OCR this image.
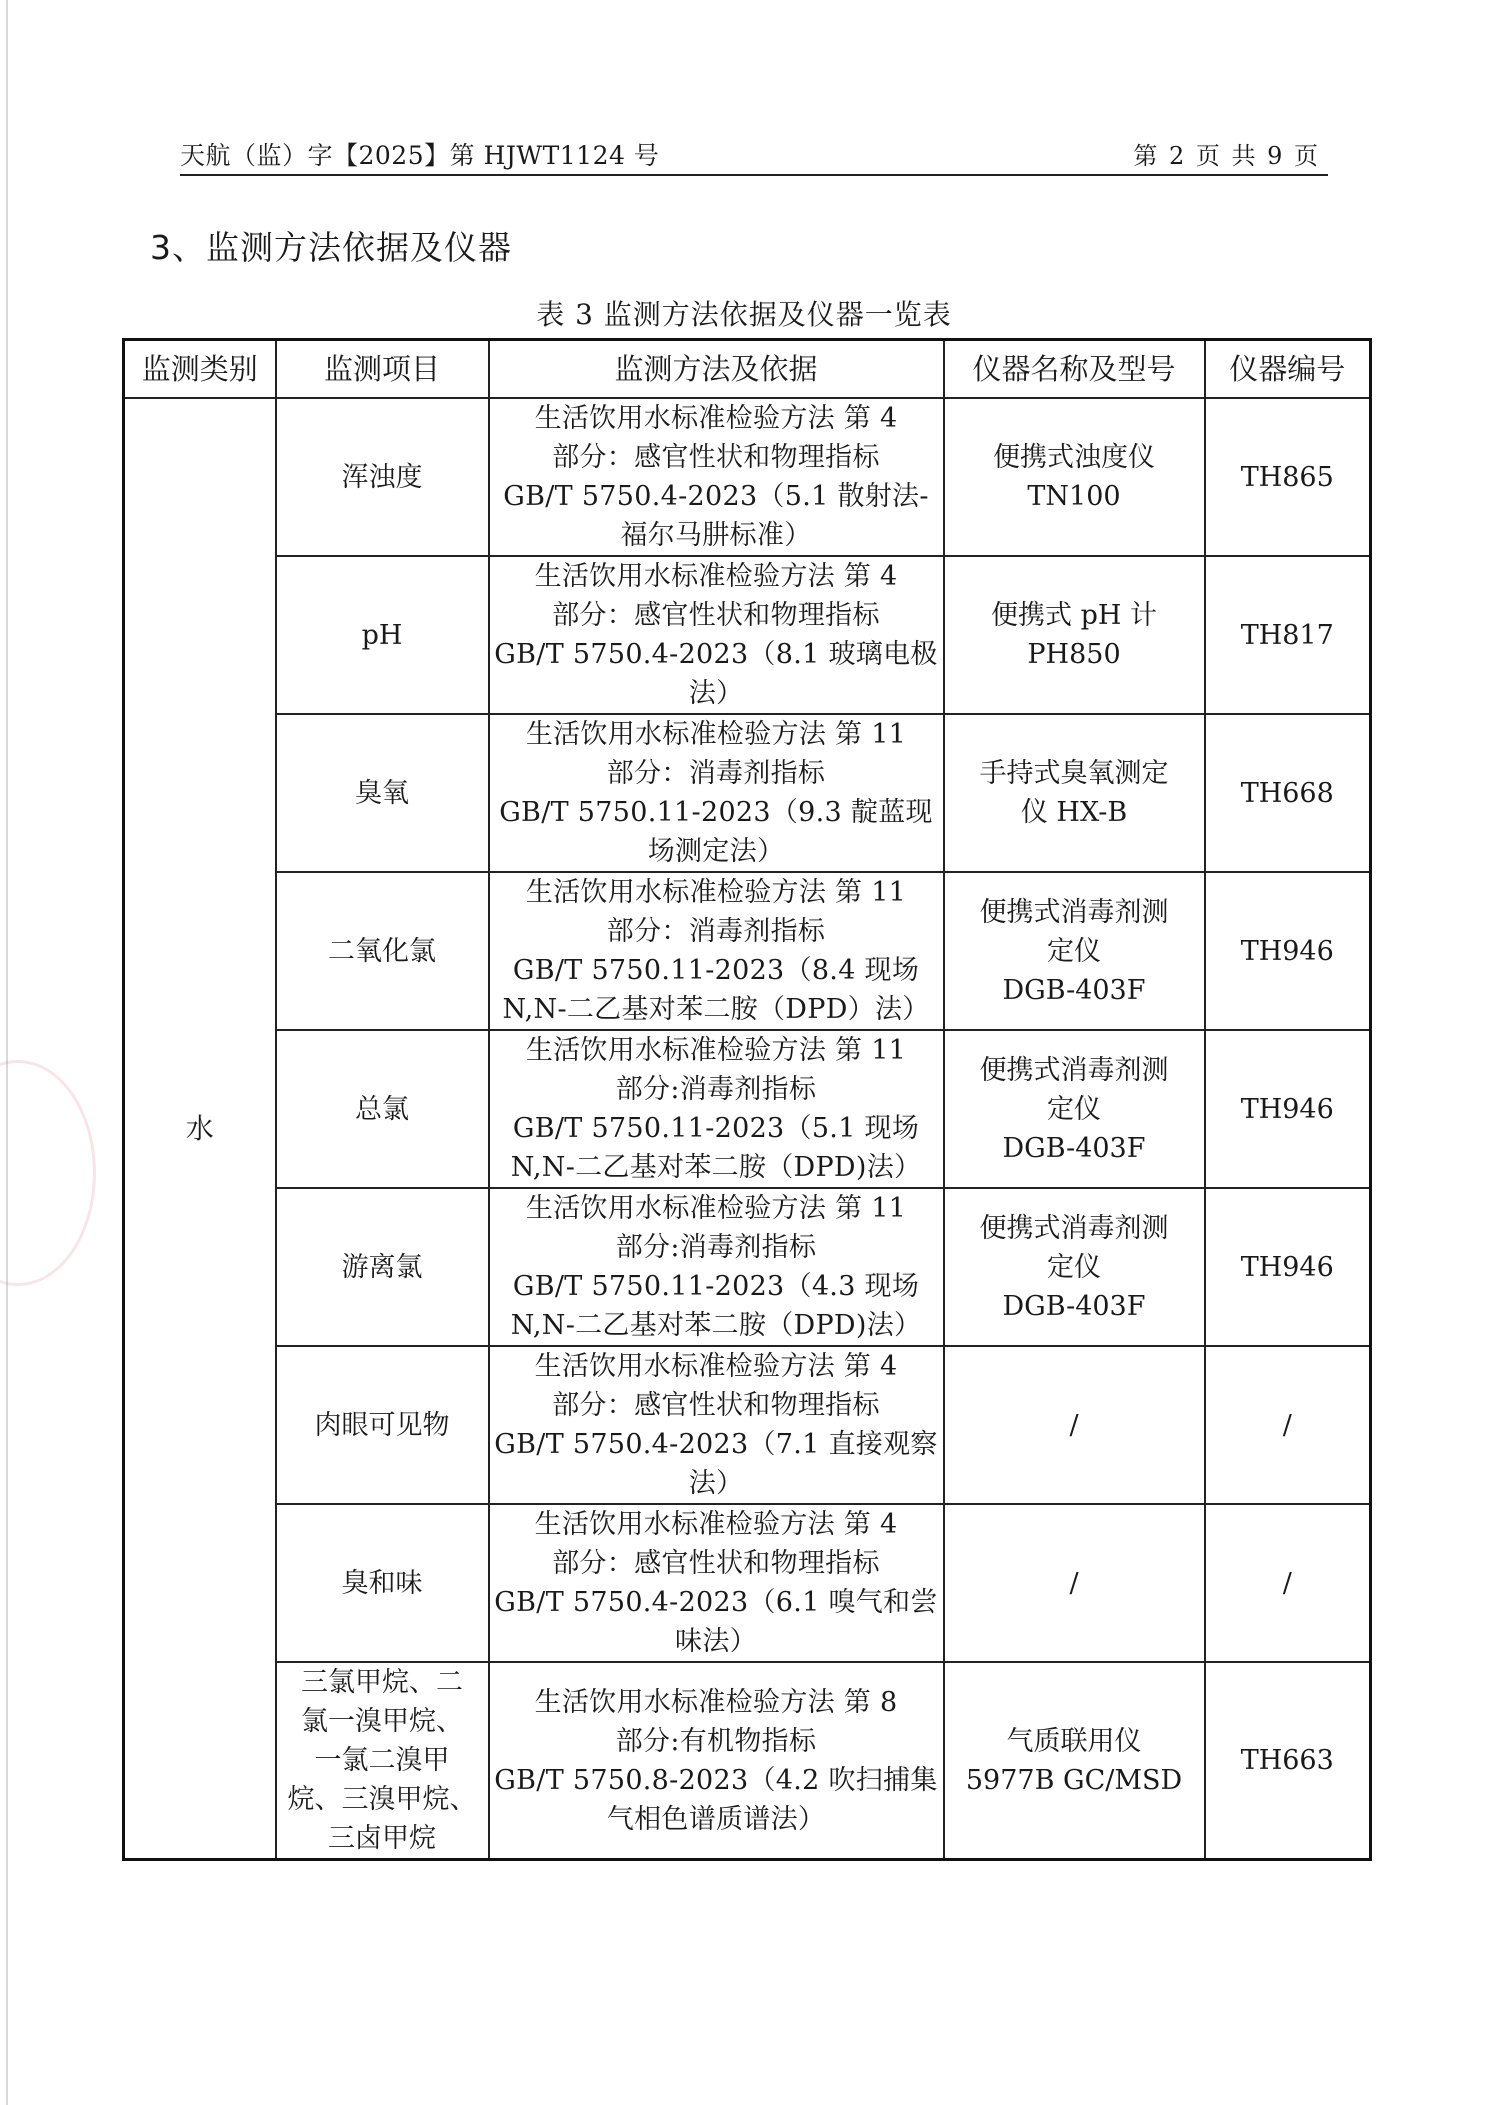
天航（监）字【2025】第 HJWT1124 号	第 2 页 共 9 页
3、监测方法依据及仪器
表 3 监测方法依据及仪器一览表
监测类别	监测项目	监测方法及依据	仪器名称及型号	仪器编号

水	浑浊度	生活饮用水标准检验方法 第 4
部分：感官性状和物理指标
GB/T 5750.4-2023（5.1 散射法-
福尔马肼标准）	便携式浊度仪
TN100	TH865

	pH	生活饮用水标准检验方法 第 4
部分：感官性状和物理指标
GB/T 5750.4-2023（8.1 玻璃电极
法）	便携式 pH 计
PH850	TH817

	臭氧	生活饮用水标准检验方法 第 11
部分：消毒剂指标
GB/T 5750.11-2023（9.3 靛蓝现
场测定法）	手持式臭氧测定
仪 HX-B	TH668

	二氧化氯	生活饮用水标准检验方法 第 11
部分：消毒剂指标
GB/T 5750.11-2023（8.4 现场
N,N-二乙基对苯二胺（DPD）法）	便携式消毒剂测
定仪
DGB-403F	TH946

	总氯	生活饮用水标准检验方法 第 11
部分:消毒剂指标
GB/T 5750.11-2023（5.1 现场
N,N-二乙基对苯二胺（DPD)法）	便携式消毒剂测
定仪
DGB-403F	TH946

	游离氯	生活饮用水标准检验方法 第 11
部分:消毒剂指标
GB/T 5750.11-2023（4.3 现场
N,N-二乙基对苯二胺（DPD)法）	便携式消毒剂测
定仪
DGB-403F	TH946

	肉眼可见物	生活饮用水标准检验方法 第 4
部分：感官性状和物理指标
GB/T 5750.4-2023（7.1 直接观察
法）	/	/

	臭和味	生活饮用水标准检验方法 第 4
部分：感官性状和物理指标
GB/T 5750.4-2023（6.1 嗅气和尝
味法）	/	/

	三氯甲烷、二
氯一溴甲烷、
一氯二溴甲
烷、三溴甲烷、
三卤甲烷	生活饮用水标准检验方法 第 8
部分:有机物指标
GB/T 5750.8-2023（4.2 吹扫捕集
气相色谱质谱法）	气质联用仪
5977B GC/MSD	TH663
